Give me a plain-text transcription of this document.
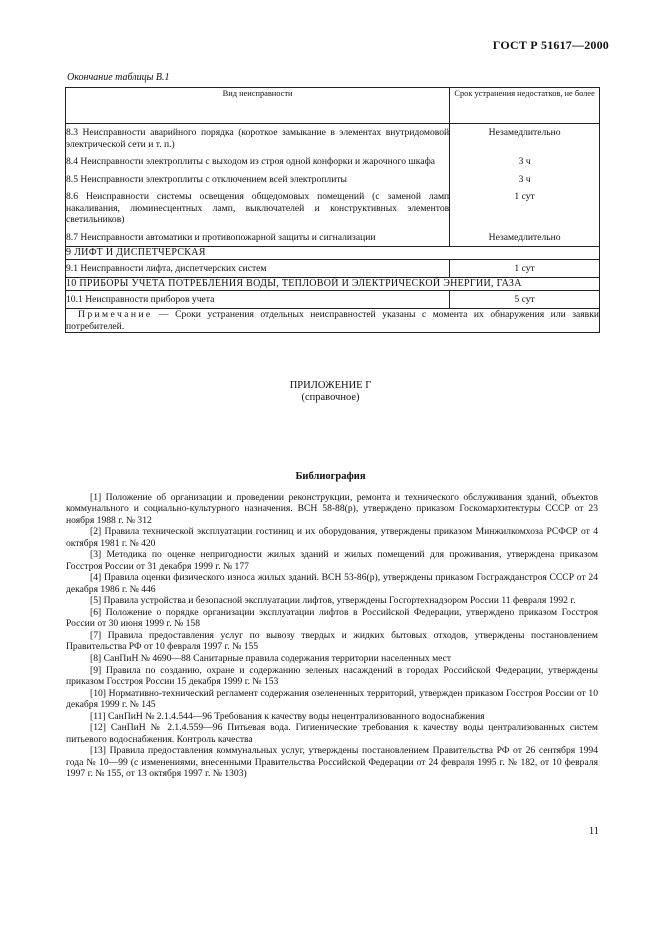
ГОСТ Р 51617—2000
Окончание таблицы В.1
Вид неисправности	Срок устранения недостатков, не более
8.3 Неисправности аварийного порядка (короткое замыкание в элементах внутридомовой электрической сети и т. п.)	Незамедлительно
8.4 Неисправности электроплиты с выходом из строя одной конфорки и жарочного шкафа	3 ч
8.5 Неисправности электроплиты с отключением всей электроплиты	3 ч
8.6 Неисправности системы освещения общедомовых помещений (с заменой ламп накаливания, люминесцентных ламп, выключателей и конструктивных элементов светильников)	1 сут
8.7 Неисправности автоматики и противопожарной защиты и сигнализации	Незамедлительно
9 ЛИФТ И ДИСПЕТЧЕРСКАЯ	
9.1 Неисправности лифта, диспетчерских систем	1 сут
10 ПРИБОРЫ УЧЕТА ПОТРЕБЛЕНИЯ ВОДЫ, ТЕПЛОВОЙ И ЭЛЕКТРИЧЕСКОЙ ЭНЕРГИИ, ГАЗА	
10.1 Неисправности приборов учета	5 сут
Примечание — Сроки устранения отдельных неисправностей указаны с момента их обнаружения или заявки потребителей.	
ПРИЛОЖЕНИЕ Г
(справочное)
Библиография

[1] Положение об организации и проведении реконструкции, ремонта и технического обслуживания зданий, объектов коммунального и социально-культурного назначения. ВСН 58-88(р), утверждено приказом Госкомархитектуры СССР от 23 ноября 1988 г. № 312

[2] Правила технической эксплуатации гостиниц и их оборудования, утверждены приказом Минжилкомхоза РСФСР от 4 октября 1981 г. № 420

[3] Методика по оценке непригодности жилых зданий и жилых помещений для проживания, утверждена приказом Госстроя России от 31 декабря 1999 г. № 177

[4] Правила оценки физического износа жилых зданий. ВСН 53-86(р), утверждены приказом Госгражданстроя СССР от 24 декабря 1986 г. № 446

[5] Правила устройства и безопасной эксплуатации лифтов, утверждены Госгортехнадзором России 11 февраля 1992 г.

[6] Положение о порядке организации эксплуатации лифтов в Российской Федерации, утверждено приказом Госстроя России от 30 июня 1999 г. № 158

[7] Правила предоставления услуг по вывозу твердых и жидких бытовых отходов, утверждены постановлением Правительства РФ от 10 февраля 1997 г. № 155

[8] СанПиН № 4690—88 Санитарные правила содержания территории населенных мест

[9] Правила по созданию, охране и содержанию зеленых насаждений в городах Российской Федерации, утверждены приказом Госстроя России 15 декабря 1999 г. № 153

[10] Нормативно-технический регламент содержания озелененных территорий, утвержден приказом Госстроя России от 10 декабря 1999 г. № 145

[11] СанПиН № 2.1.4.544—96 Требования к качеству воды нецентрализованного водоснабжения

[12] СанПиН № 2.1.4.559—96 Питьевая вода. Гигиенические требования к качеству воды централизованных систем питьевого водоснабжения. Контроль качества

[13] Правила предоставления коммунальных услуг, утверждены постановлением Правительства РФ от 26 сентября 1994 года № 10—99 (с изменениями, внесенными Правительства Российской Федерации от 24 февраля 1995 г. № 182, от 10 февраля 1997 г. № 155, от 13 октября 1997 г. № 1303)

11
